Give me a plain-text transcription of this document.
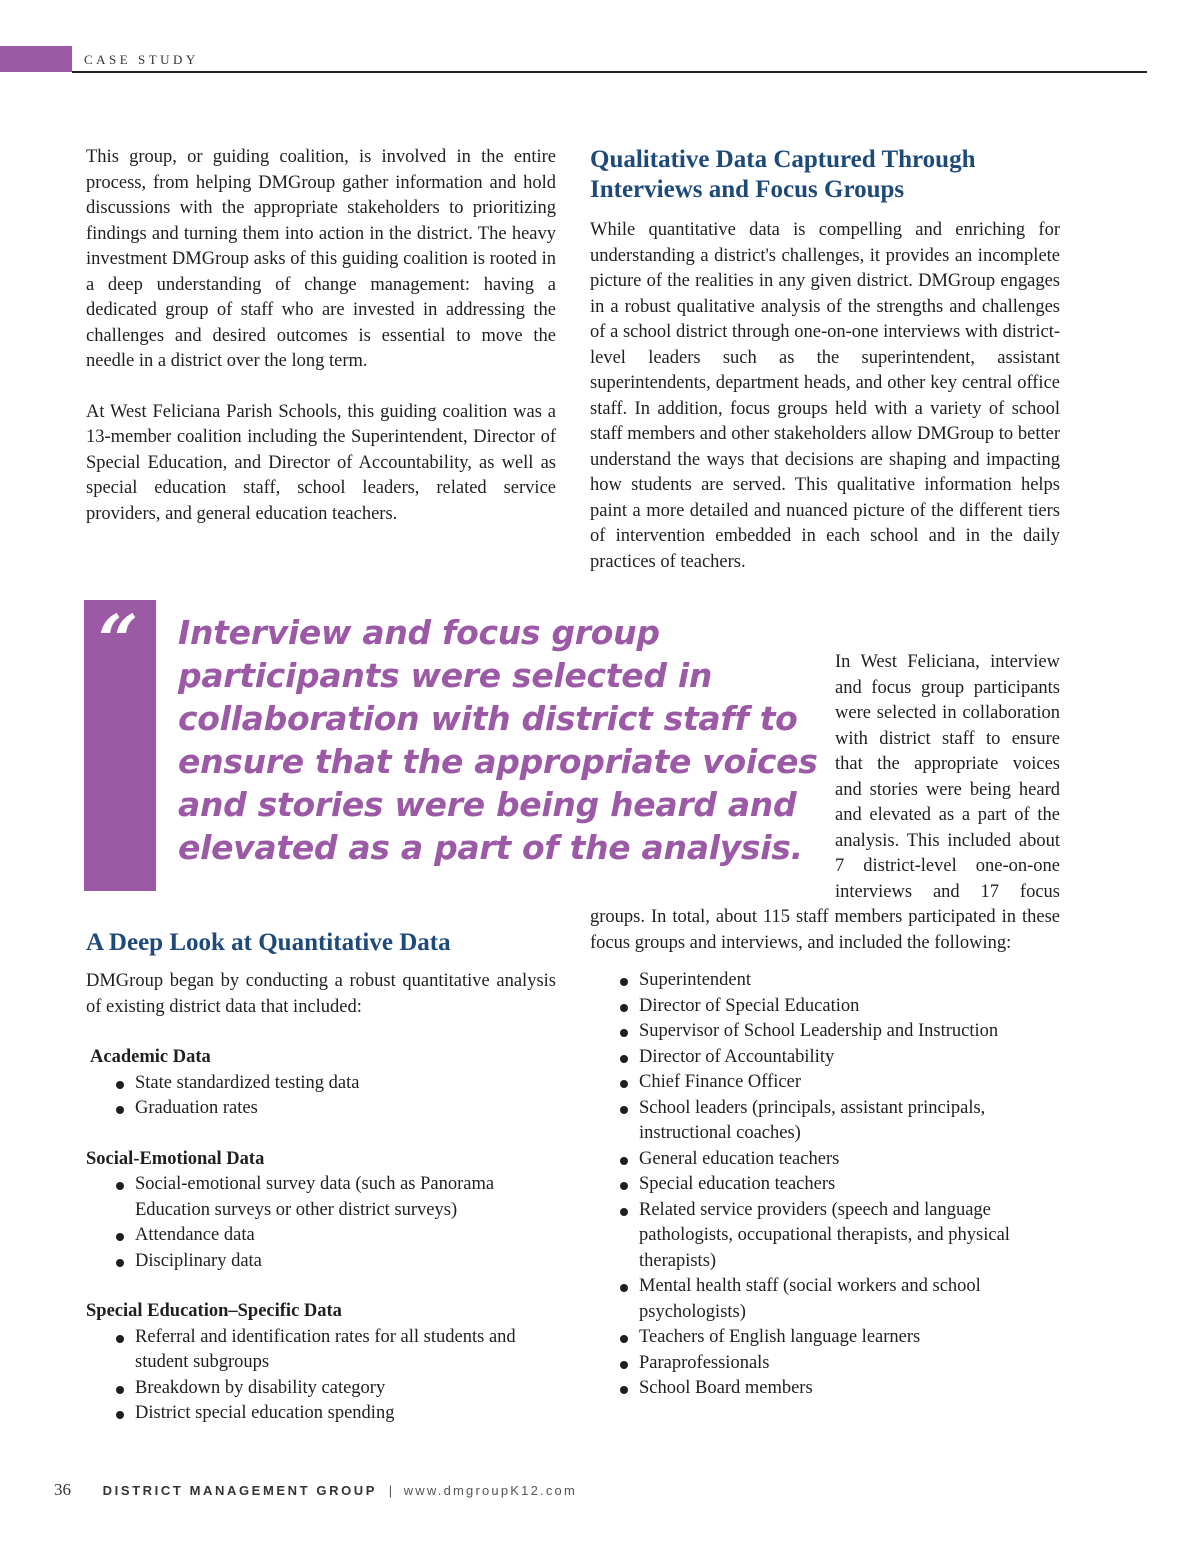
CASE STUDY

This group, or guiding coalition, is involved in the entire process, from helping DMGroup gather information and hold discussions with the appropriate stakeholders to prioritizing findings and turning them into action in the district. The heavy investment DMGroup asks of this guiding coalition is rooted in a deep understanding of change management: having a dedicated group of staff who are invested in addressing the challenges and desired outcomes is essential to move the needle in a district over the long term.

At West Feliciana Parish Schools, this guiding coalition was a 13-member coalition including the Superintendent, Director of Special Education, and Director of Accountability, as well as special education staff, school leaders, related service providers, and general education teachers.

“ Interview and focus group participants were selected in collaboration with district staff to ensure that the appropriate voices and stories were being heard and elevated as a part of the analysis.
A Deep Look at Quantitative Data

DMGroup began by conducting a robust quantitative analysis of existing district data that included:

Academic Data

State standardized testing data
Graduation rates

Social-Emotional Data

Social-emotional survey data (such as Panorama Education surveys or other district surveys)
Attendance data
Disciplinary data

Special Education–Specific Data

Referral and identification rates for all students and student subgroups
Breakdown by disability category
District special education spending
Qualitative Data Captured Through Interviews and Focus Groups

While quantitative data is compelling and enriching for understanding a district's challenges, it provides an incomplete picture of the realities in any given district. DMGroup engages in a robust qualitative analysis of the strengths and challenges of a school district through one-on-one interviews with district-level leaders such as the superintendent, assistant superintendents, department heads, and other key central office staff. In addition, focus groups held with a variety of school staff members and other stakeholders allow DMGroup to better understand the ways that decisions are shaping and impacting how students are served. This qualitative information helps paint a more detailed and nuanced picture of the different tiers of intervention embedded in each school and in the daily practices of teachers.

In West Feliciana, interview and focus group participants were selected in collaboration with district staff to ensure that the appropriate voices and stories were being heard and elevated as a part of the analysis. This included about 7 district-level one-on-one interviews and 17 focus groups. In total, about 115 staff members participated in these focus groups and interviews, and included the following:

Superintendent
Director of Special Education
Supervisor of School Leadership and Instruction
Director of Accountability
Chief Finance Officer
School leaders (principals, assistant principals, instructional coaches)
General education teachers
Special education teachers
Related service providers (speech and language pathologists, occupational therapists, and physical therapists)
Mental health staff (social workers and school psychologists)
Teachers of English language learners
Paraprofessionals
School Board members
36 DISTRICT MANAGEMENT GROUP | www.dmgroupK12.com
